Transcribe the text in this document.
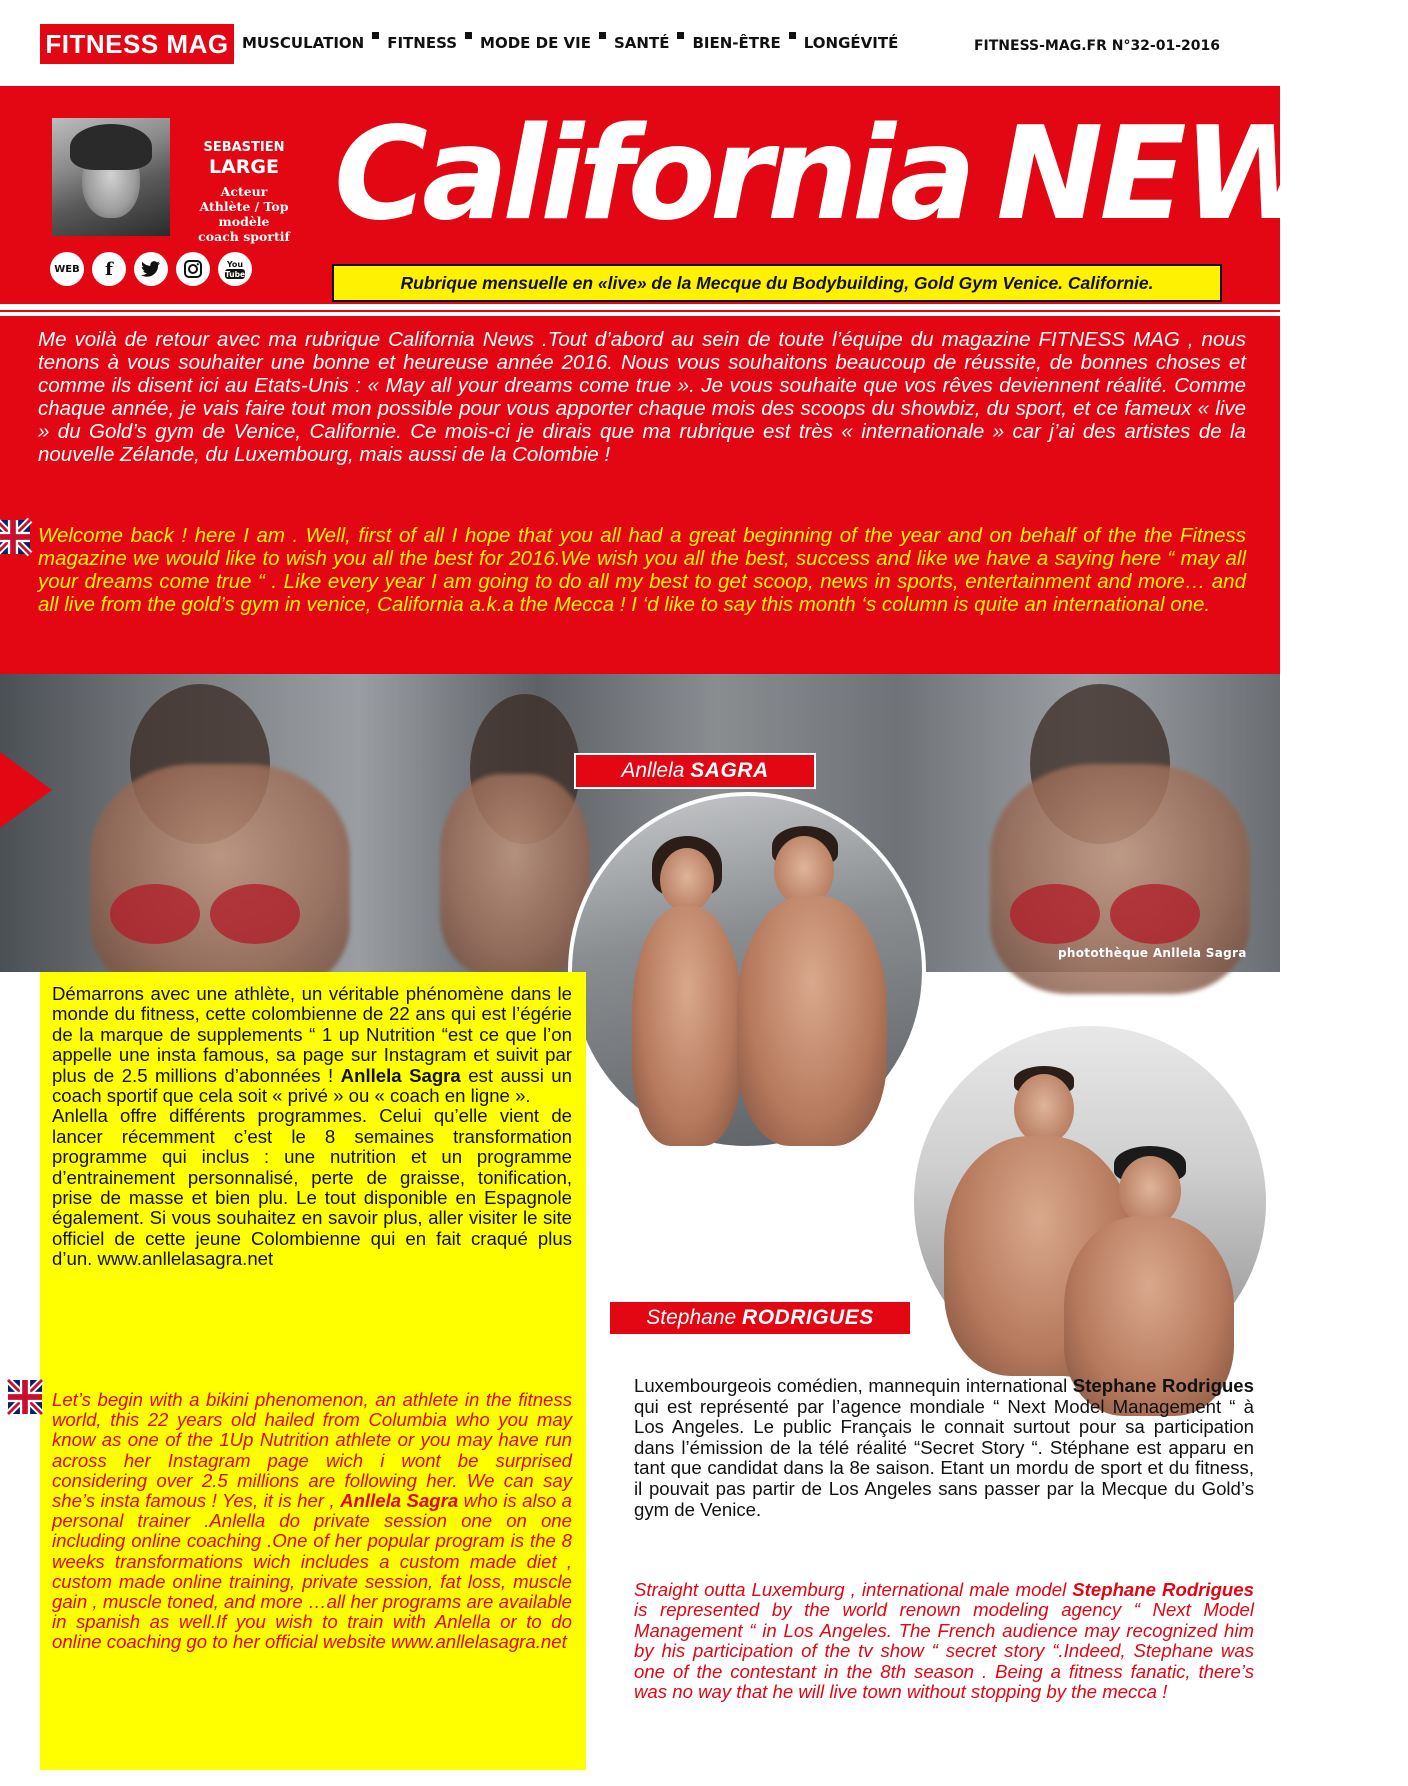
FITNESS MAG MUSCULATION FITNESS MODE DE VIE SANTÉ BIEN-ÊTRE LONGÉVITÉ	FITNESS-MAG.FR N°32-01-2016
SEBASTIEN
LARGE
Acteur
Athlète / Top modèle
coach sportif
WEB	f	You
Tube
California NEWS
Rubrique mensuelle en «live» de la Mecque du Bodybuilding, Gold Gym Venice. Californie.
Me voilà de retour avec ma rubrique California News .Tout d’abord au sein de toute l’équipe du magazine FITNESS MAG , nous tenons à vous souhaiter une bonne et heureuse année 2016. Nous vous souhaitons beaucoup de réussite, de bonnes choses et comme ils disent ici au Etats-Unis : « May all your dreams come true ». Je vous souhaite que vos rêves deviennent réalité. Comme chaque année, je vais faire tout mon possible pour vous apporter chaque mois des scoops du showbiz, du sport, et ce fameux « live » du Gold’s gym de Venice, Californie. Ce mois-ci je dirais que ma rubrique est très « internationale » car j’ai des artistes de la nouvelle Zélande, du Luxembourg, mais aussi de la Colombie !
Welcome back ! here I am . Well, first of all I hope that you all had a great beginning of the year and on behalf of the the Fitness magazine we would like to wish you all the best for 2016.We wish you all the best, success and like we have a saying here “ may all your dreams come true “ . Like every year I am going to do all my best to get scoop, news in sports, entertainment and more… and all live from the gold’s gym in venice, California a.k.a the Mecca ! I ‘d like to say this month ‘s column is quite an international one.
photothèque Anllela Sagra
Anllela SAGRA
Stephane RODRIGUES
Démarrons avec une athlète, un véritable phénomène dans le monde du fitness, cette colombienne de 22 ans qui est l’égérie de la marque de supplements “ 1 up Nutrition “est ce que l’on appelle une insta famous, sa page sur Instagram et suivit par plus de 2.5 millions d’abonnées ! Anllela Sagra est aussi un coach sportif que cela soit « privé » ou « coach en ligne ».
Anlella offre différents programmes. Celui qu’elle vient de lancer récemment c’est le 8 semaines transformation programme qui inclus : une nutrition et un programme d’entrainement personnalisé, perte de graisse, tonification, prise de masse et bien plu. Le tout disponible en Espagnole également. Si vous souhaitez en savoir plus, aller visiter le site officiel de cette jeune Colombienne qui en fait craqué plus d’un. www.anllelasagra.net
Let’s begin with a bikini phenomenon, an athlete in the fitness world, this 22 years old hailed from Columbia who you may know as one of the 1Up Nutrition athlete or you may have run across her Instagram page wich i wont be surprised considering over 2.5 millions are following her. We can say she’s insta famous ! Yes, it is her , Anllela Sagra who is also a personal trainer .Anlella do private session one on one including online coaching .One of her popular program is the 8 weeks transformations wich includes a custom made diet , custom made online training, private session, fat loss, muscle gain , muscle toned, and more …all her programs are available in spanish as well.If you wish to train with Anlella or to do online coaching go to her official website www.anllelasagra.net
Luxembourgeois comédien, mannequin international Stephane Rodrigues qui est représenté par l’agence mondiale “ Next Model Management “ à Los Angeles. Le public Français le connait surtout pour sa participation dans l’émission de la télé réalité “Secret Story “. Stéphane est apparu en tant que candidat dans la 8e saison. Etant un mordu de sport et du fitness, il pouvait pas partir de Los Angeles sans passer par la Mecque du Gold’s gym de Venice.
Straight outta Luxemburg , international male model Stephane Rodrigues is represented by the world renown modeling agency “ Next Model Management “ in Los Angeles. The French audience may recognized him by his participation of the tv show “ secret story “.Indeed, Stephane was one of the contestant in the 8th season . Being a fitness fanatic, there’s was no way that he will live town without stopping by the mecca !
